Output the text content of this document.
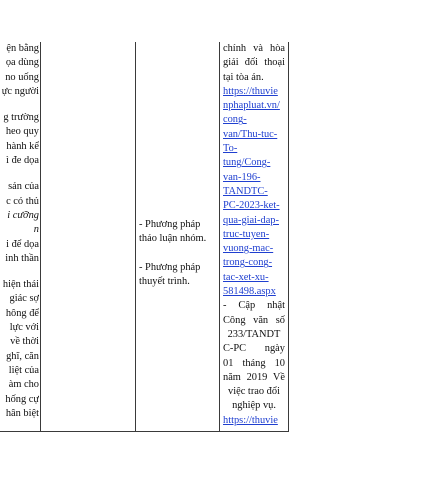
ện bằng
ọa dùng
no uống
ực người
g trường
heo quy
hành kể
ì đe dọa
sản của
c có thủ
i cưỡng
n
i để dọa
inh thần
hiện thái
giác sợ
hông để
lực với
về thời
ghĩ, căn
liệt của
àm cho
hống cự
hân biệt
- Phương pháp
thảo luận nhóm.
- Phương pháp
thuyết trình.
chính và hòa
giải đối thoại
tại tòa án.
https://thuvie
nphapluat.vn/
cong-
van/Thu-tuc-
To-
tung/Cong-
van-196-
TANDTC-
PC-2023-ket-
qua-giai-dap-
truc-tuyen-
vuong-mac-
trong-cong-
tac-xet-xu-
581498.aspx
- Cập nhật
Công văn số
233/TANDT
C-PC ngày
01 tháng 10
năm 2019 Về
việc trao đổi
nghiệp vụ.
https://thuvie
